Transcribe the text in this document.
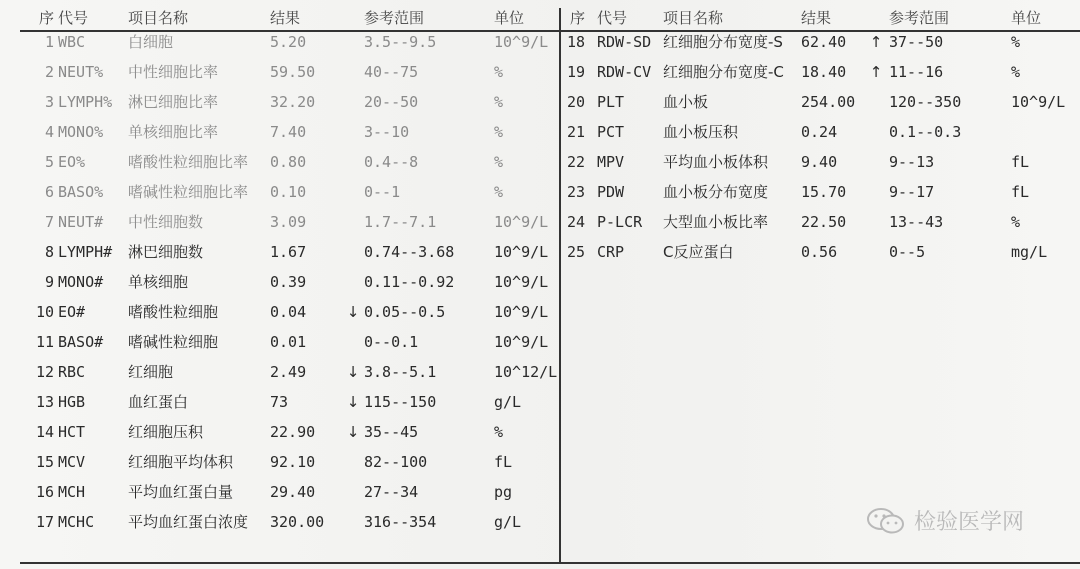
序 代号	项目名称	结果	参考范围	单位
1 WBC	白细胞	5.20	3.5--9.5	10^9/L
2 NEUT% 中性细胞比率	59.50	40--75	%
3 LYMPH% 淋巴细胞比率	32.20	20--50	%
4 MONO% 单核细胞比率	7.40	3--10	%
5 EO%	嗜酸性粒细胞比率 0.80	0.4--8	%
6 BASO% 嗜碱性粒细胞比率 0.10	0--1	%
7 NEUT# 中性细胞数	3.09	1.7--7.1	10^9/L
8 LYMPH# 淋巴细胞数	1.67	0.74--3.68	10^9/L
9 MONO# 单核细胞	0.39	0.11--0.92	10^9/L
10 EO#	嗜酸性粒细胞	0.04	↓ 0.05--0.5	10^9/L
11 BASO# 嗜碱性粒细胞	0.01	0--0.1	10^9/L
12 RBC	红细胞	2.49	↓ 3.8--5.1	10^12/L
13 HGB	血红蛋白	73	↓ 115--150	g/L
14 HCT	红细胞压积	22.90 ↓ 35--45	%
15 MCV	红细胞平均体积 92.10	82--100	fL
16 MCH	平均血红蛋白量 29.40	27--34	pg
17 MCHC 平均血红蛋白浓度 320.00	316--354	g/L
序 代号 项目名称	结果	参考范围	单位
18 RDW-SD 红细胞分布宽度-S 62.40 ↑ 37--50	%
19 RDW-CV 红细胞分布宽度-C 18.40 ↑ 11--16	%
20 PLT	血小板	254.00 120--350	10^9/L
21 PCT	血小板压积	0.24	0.1--0.3
22 MPV	平均血小板体积 9.40	9--13	fL
23 PDW	血小板分布宽度 15.70	9--17	fL
24 P-LCR 大型血小板比率 22.50	13--43	%
25 CRP	C反应蛋白	0.56	0--5	mg/L
检验医学网
